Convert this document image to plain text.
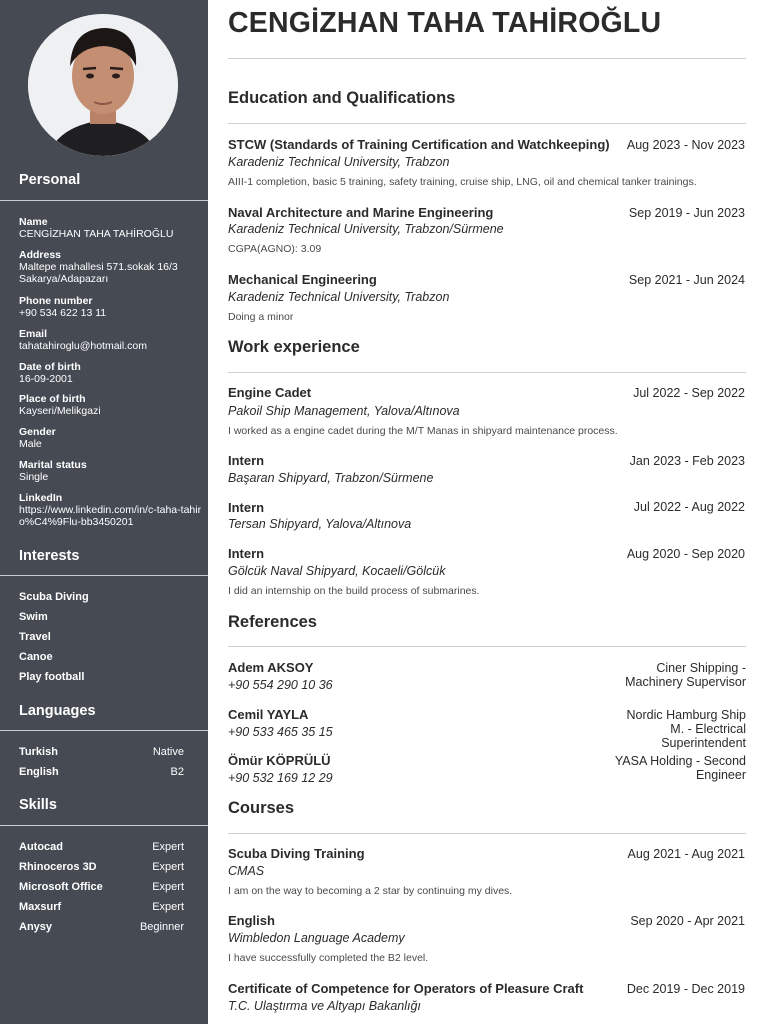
Personal
Name
CENGİZHAN TAHA TAHİROĞLU
Address
Maltepe mahallesi 571.sokak 16/3 Sakarya/Adapazarı
Phone number
+90 534 622 13 11
Email
tahatahiroglu@hotmail.com
Date of birth
16-09-2001
Place of birth
Kayseri/Melikgazi
Gender
Male
Marital status
Single
LinkedIn
https://www.linkedin.com/in/c-taha-tahiro%C4%9Flu-bb3450201
Interests
Scuba Diving
Swim
Travel
Canoe
Play football
Languages
Turkish	Native
English	B2
Skills
Autocad	Expert
Rhinoceros 3D	Expert
Microsoft Office	Expert
Maxsurf	Expert
Anysy	Beginner
CENGİZHAN TAHA TAHİROĞLU
Education and Qualifications
STCW (Standards of Training Certification and Watchkeeping) Aug 2023 - Nov 2023
Karadeniz Technical University, Trabzon
AIII-1 completion, basic 5 training, safety training, cruise ship, LNG, oil and chemical tanker trainings.
Naval Architecture and Marine Engineering	Sep 2019 - Jun 2023
Karadeniz Technical University, Trabzon/Sürmene
CGPA(AGNO): 3.09
Mechanical Engineering	Sep 2021 - Jun 2024
Karadeniz Technical University, Trabzon
Doing a minor
Work experience
Engine Cadet	Jul 2022 - Sep 2022
Pakoil Ship Management, Yalova/Altınova
I worked as a engine cadet during the M/T Manas in shipyard maintenance process.
Intern	Jan 2023 - Feb 2023
Başaran Shipyard, Trabzon/Sürmene
Intern	Jul 2022 - Aug 2022
Tersan Shipyard, Yalova/Altınova
Intern	Aug 2020 - Sep 2020
Gölcük Naval Shipyard, Kocaeli/Gölcük
I did an internship on the build process of submarines.
References
Adem AKSOY
+90 554 290 10 36
Ciner Shipping -
Machinery Supervisor
Cemil YAYLA
+90 533 465 35 15
Nordic Hamburg Ship
M. - Electrical
Superintendent
Ömür KÖPRÜLÜ
+90 532 169 12 29
YASA Holding - Second
Engineer
Courses
Scuba Diving Training	Aug 2021 - Aug 2021
CMAS
I am on the way to becoming a 2 star by continuing my dives.
English	Sep 2020 - Apr 2021
Wimbledon Language Academy
I have successfully completed the B2 level.
Certificate of Competence for Operators of Pleasure Craft	Dec 2019 - Dec 2019
T.C. Ulaştırma ve Altyapı Bakanlığı
